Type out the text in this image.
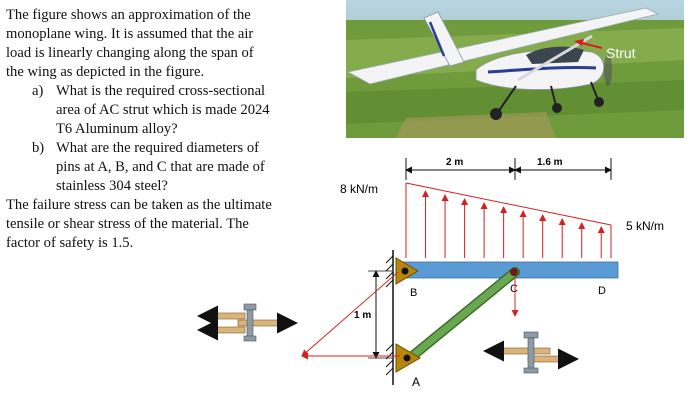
The figure shows an approximation of the monoplane wing. It is assumed that the air load is linearly changing along the span of the wing as depicted in the figure.

a) What is the required cross-sectional area of AC strut which is made 2024 T6 Aluminum alloy?
b) What are the required diameters of pins at A, B, and C that are made of stainless 304 steel?

The failure stress can be taken as the ultimate tensile or shear stress of the material. The factor of safety is 1.5.

Strut
2 m	1.6 m
8 kN/m
5 kN/m
1 m
B
A
C	D
